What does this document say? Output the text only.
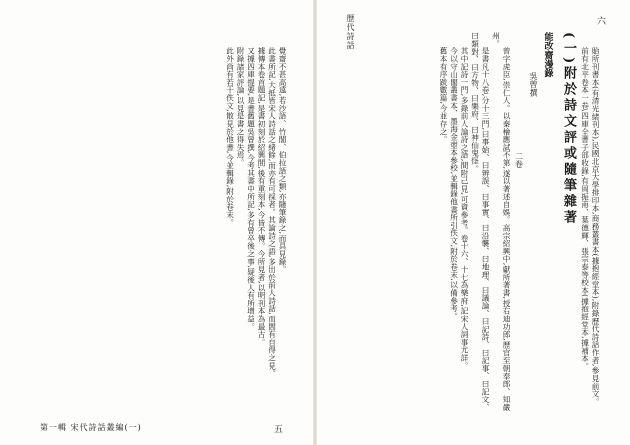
覺齋不甚高遠,若沙語、竹閣、伯拉語之類,亦隨筆錄之,而具見錄。

此書所記,大抵皆宋人詩話之緒餘,而亦有可採者。其論詩之語,多出於前人詩話,而間有自得之見。

據傳本卷首題記,是書初刻於紹興間,後有重刻本,今皆不傳。今所見者,以明刊本為最古。

又據四庫提要,是書舊題吳曾撰,今考其書中所記,多有曾卒後之事,疑後人有所增益。

附錄諸家評論,以見是書之得失焉。

此外尚有若干佚文,散見於他書,今並輯錄,附於卷末。

第一輯 宋代詩話叢編(一)	五
歷代詩話	六

貽所刊書本(有清光緒刊本),民國北京大學排印本,商務叢書本(據抱經堂本),附錄歷代詩話作者,參見前文。

前有北平卷本一卷,四庫全書子部收錄,有周振甫、葉德輝、張宗泰等校本(據抱經堂本,據補本。

(一)附於詩文評或隨筆雜著
能改齋漫錄
吳曾撰
二卷

曾字虎臣,崇仁人。以秦檜應試不第,遂以著述自娛。高宗紹興中,獻所著書,授右迪功郎,歷官至朝奉郎、知嚴州。

是書凡十八卷,分十三門,曰事始、曰辨誤、曰事實、曰沿襲、曰地理、曰議論、曰記詩、曰記事、曰記文、曰類對、曰方物、曰樂府、曰神仙鬼怪。

其中記詩一門,多錄前人論詩之語,間附己見,可資參考。卷十六、十七為樂府,記宋人詞事尤詳。

今以守山閣叢書本、墨海金壺本參校,並輯錄他書所引佚文,附於卷末,以備參考。

舊本有序跋數篇,今並存之。
